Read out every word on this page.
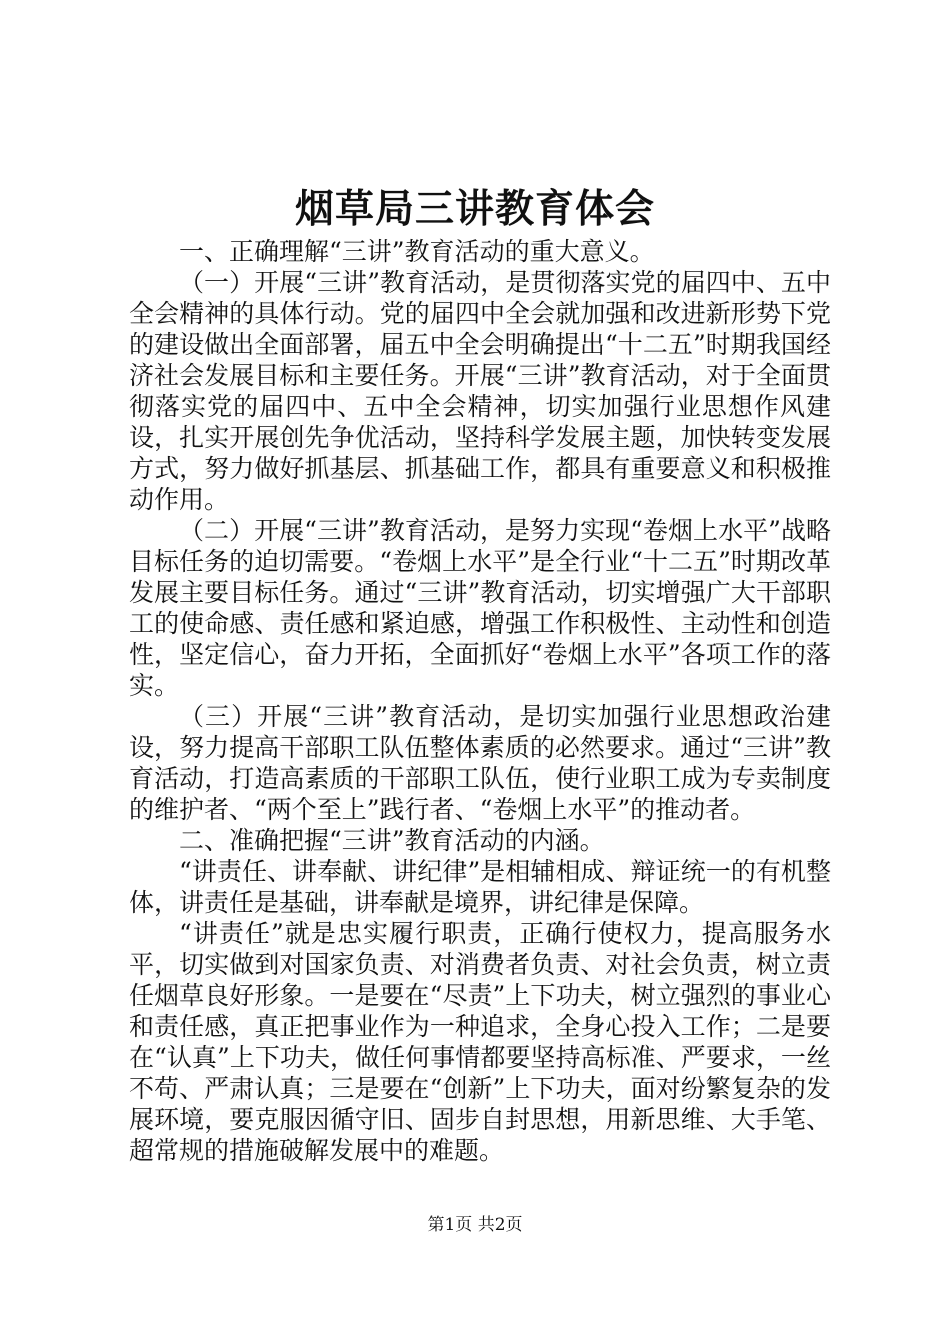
烟草局三讲教育体会

一、正确理解“三讲”教育活动的重大意义。

（一）开展“三讲”教育活动，是贯彻落实党的届四中、五中全会精神的具体行动。党的届四中全会就加强和改进新形势下党的建设做出全面部署，届五中全会明确提出“十二五”时期我国经济社会发展目标和主要任务。开展“三讲”教育活动，对于全面贯彻落实党的届四中、五中全会精神，切实加强行业思想作风建设，扎实开展创先争优活动，坚持科学发展主题，加快转变发展方式，努力做好抓基层、抓基础工作，都具有重要意义和积极推动作用。

（二）开展“三讲”教育活动，是努力实现“卷烟上水平”战略目标任务的迫切需要。“卷烟上水平”是全行业“十二五”时期改革发展主要目标任务。通过“三讲”教育活动，切实增强广大干部职工的使命感、责任感和紧迫感，增强工作积极性、主动性和创造性，坚定信心，奋力开拓，全面抓好“卷烟上水平”各项工作的落实。

（三）开展“三讲”教育活动，是切实加强行业思想政治建设，努力提高干部职工队伍整体素质的必然要求。通过“三讲”教育活动，打造高素质的干部职工队伍，使行业职工成为专卖制度的维护者、“两个至上”践行者、“卷烟上水平”的推动者。

二、准确把握“三讲”教育活动的内涵。

“讲责任、讲奉献、讲纪律”是相辅相成、辩证统一的有机整体，讲责任是基础，讲奉献是境界，讲纪律是保障。

“讲责任”就是忠实履行职责，正确行使权力，提高服务水平，切实做到对国家负责、对消费者负责、对社会负责，树立责任烟草良好形象。一是要在“尽责”上下功夫，树立强烈的事业心和责任感，真正把事业作为一种追求，全身心投入工作；二是要在“认真”上下功夫，做任何事情都要坚持高标准、严要求，一丝不苟、严肃认真；三是要在“创新”上下功夫，面对纷繁复杂的发展环境，要克服因循守旧、固步自封思想，用新思维、大手笔、超常规的措施破解发展中的难题。

第1页 共2页
